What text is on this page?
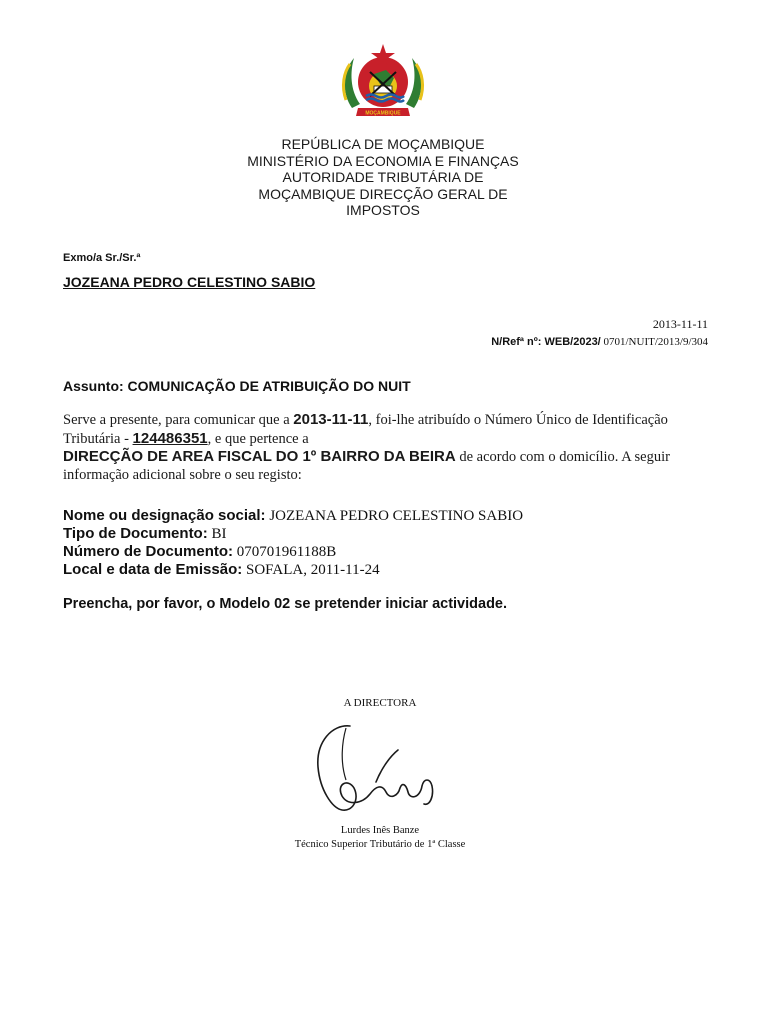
MOÇAMBIQUE
REPÚBLICA DE MOÇAMBIQUE
MINISTÉRIO DA ECONOMIA E FINANÇAS
AUTORIDADE TRIBUTÁRIA DE
MOÇAMBIQUE DIRECÇÃO GERAL DE
IMPOSTOS
Exmo/a Sr./Sr.ª
JOZEANA PEDRO CELESTINO SABIO
2013-11-11
N/Refª nº: WEB/2023/ 0701/NUIT/2013/9/304
Assunto: COMUNICAÇÃO DE ATRIBUIÇÃO DO NUIT
Serve a presente, para comunicar que a 2013-11-11, foi-lhe atribuído o Número Único de Identificação Tributária - 124486351, e que pertence a
DIRECÇÃO DE AREA FISCAL DO 1º BAIRRO DA BEIRA de acordo com o domicílio. A seguir informação adicional sobre o seu registo:
Nome ou designação social: JOZEANA PEDRO CELESTINO SABIO
Tipo de Documento: BI
Número de Documento: 070701961188B
Local e data de Emissão: SOFALA, 2011-11-24
Preencha, por favor, o Modelo 02 se pretender iniciar actividade.
A DIRECTORA
Lurdes Inês Banze
Técnico Superior Tributário de 1ª Classe
